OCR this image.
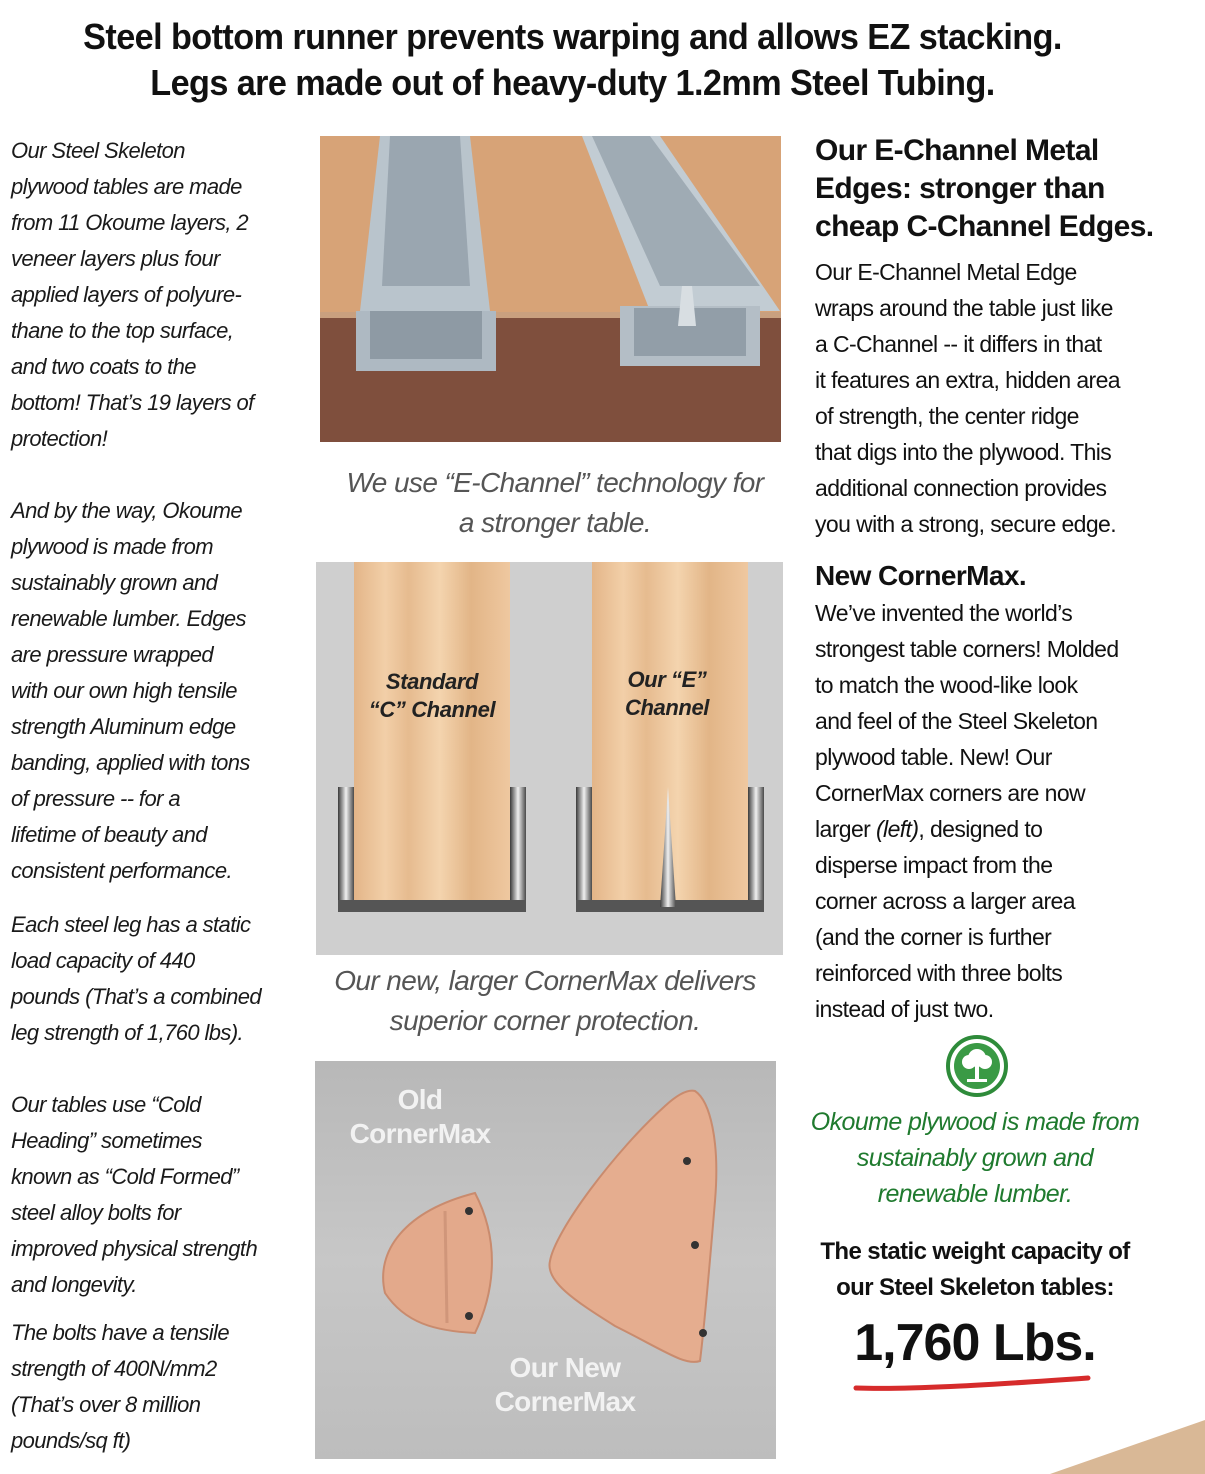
Steel bottom runner prevents warping and allows EZ stacking.
Legs are made out of heavy-duty 1.2mm Steel Tubing.

Our Steel Skeleton
plywood tables are made
from 11 Okoume layers, 2
veneer layers plus four
applied layers of polyure-
thane to the top surface,
and two coats to the
bottom! That’s 19 layers of
protection!

And by the way, Okoume
plywood is made from
sustainably grown and
renewable lumber. Edges
are pressure wrapped
with our own high tensile
strength Aluminum edge
banding, applied with tons
of pressure -- for a
lifetime of beauty and
consistent performance.

Each steel leg has a static
load capacity of 440
pounds (That’s a combined
leg strength of 1,760 lbs).

Our tables use “Cold
Heading” sometimes
known as “Cold Formed”
steel alloy bolts for
improved physical strength
and longevity.

The bolts have a tensile
strength of 400N/mm2
(That’s over 8 million
pounds/sq ft)

We use “E-Channel” technology for
a stronger table.
Standard
“C” Channel
Our “E”
Channel
Our new, larger CornerMax delivers
superior corner protection.
Old
CornerMax
Our New
CornerMax
Our E-Channel Metal
Edges: stronger than
cheap C-Channel Edges.
Our E-Channel Metal Edge
wraps around the table just like
a C-Channel -- it differs in that
it features an extra, hidden area
of strength, the center ridge
that digs into the plywood. This
additional connection provides
you with a strong, secure edge.
New CornerMax.
We’ve invented the world’s
strongest table corners! Molded
to match the wood-like look
and feel of the Steel Skeleton
plywood table. New! Our
CornerMax corners are now
larger (left), designed to
disperse impact from the
corner across a larger area
(and the corner is further
reinforced with three bolts
instead of just two.
Okoume plywood is made from
sustainably grown and
renewable lumber.
The static weight capacity of
our Steel Skeleton tables:
1,760 Lbs.
